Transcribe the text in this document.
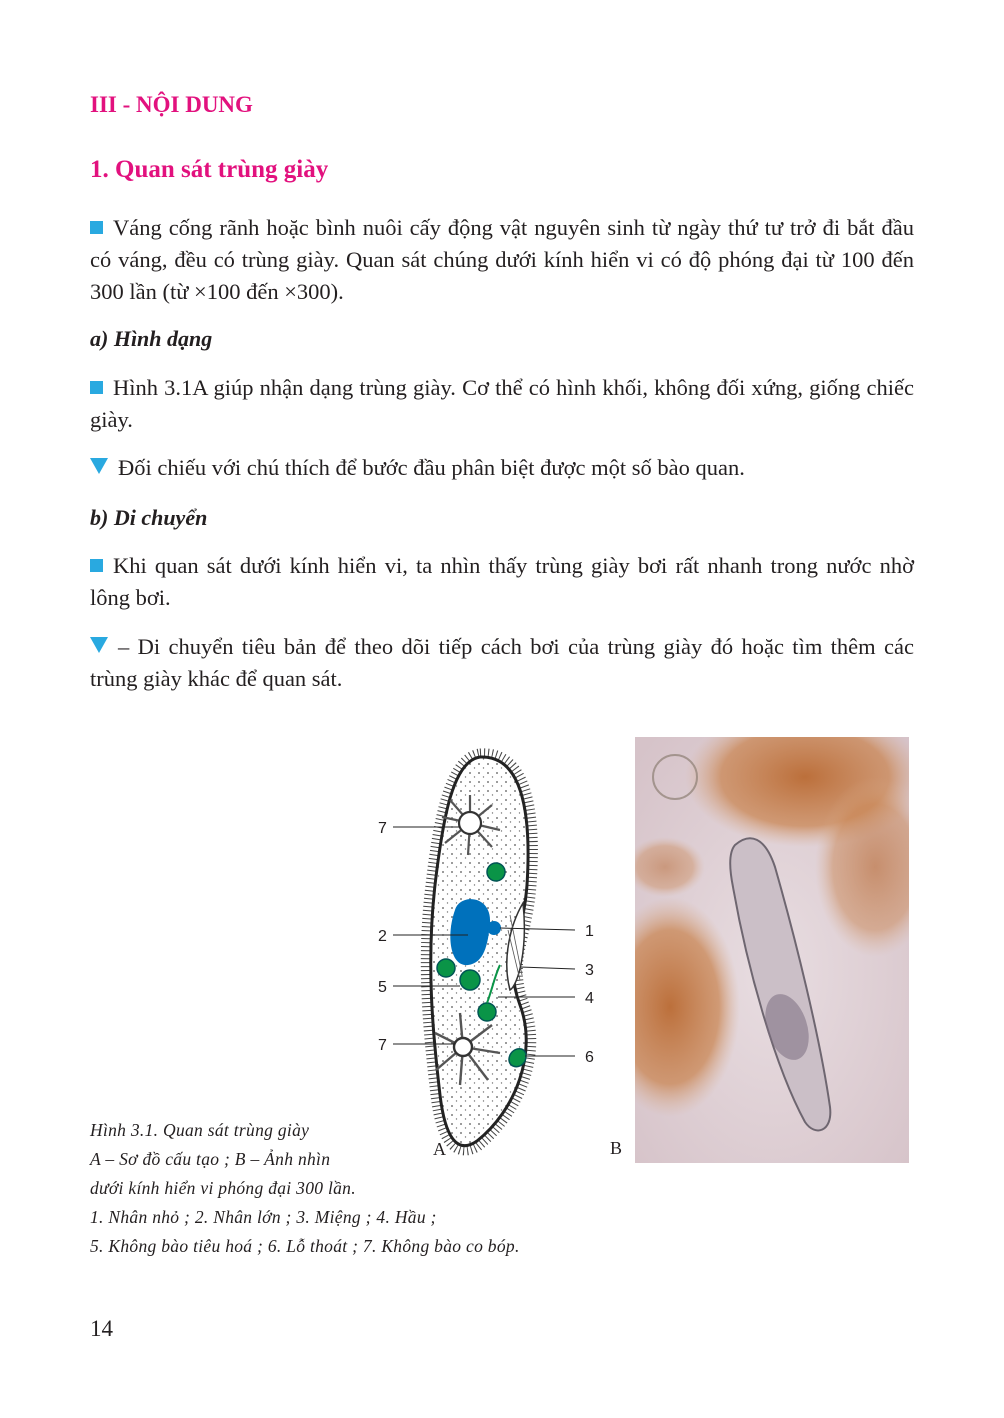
III - NỘI DUNG
1. Quan sát trùng giày

Váng cống rãnh hoặc bình nuôi cấy động vật nguyên sinh từ ngày thứ tư trở đi bắt đầu có váng, đều có trùng giày. Quan sát chúng dưới kính hiển vi có độ phóng đại từ 100 đến 300 lần (từ ×100 đến ×300).

a) Hình dạng

Hình 3.1A giúp nhận dạng trùng giày. Cơ thể có hình khối, không đối xứng, giống chiếc giày.

Đối chiếu với chú thích để bước đầu phân biệt được một số bào quan.

b) Di chuyển

Khi quan sát dưới kính hiển vi, ta nhìn thấy trùng giày bơi rất nhanh trong nước nhờ lông bơi.

– Di chuyển tiêu bản để theo dõi tiếp cách bơi của trùng giày đó hoặc tìm thêm các trùng giày khác để quan sát.

7
2
5
7
1
3
4
6
A	B

Hình 3.1. Quan sát trùng giày

A – Sơ đồ cấu tạo ; B – Ảnh nhìn

dưới kính hiển vi phóng đại 300 lần.

1. Nhân nhỏ ; 2. Nhân lớn ; 3. Miệng ; 4. Hầu ;

5. Không bào tiêu hoá ; 6. Lỗ thoát ; 7. Không bào co bóp.

14
